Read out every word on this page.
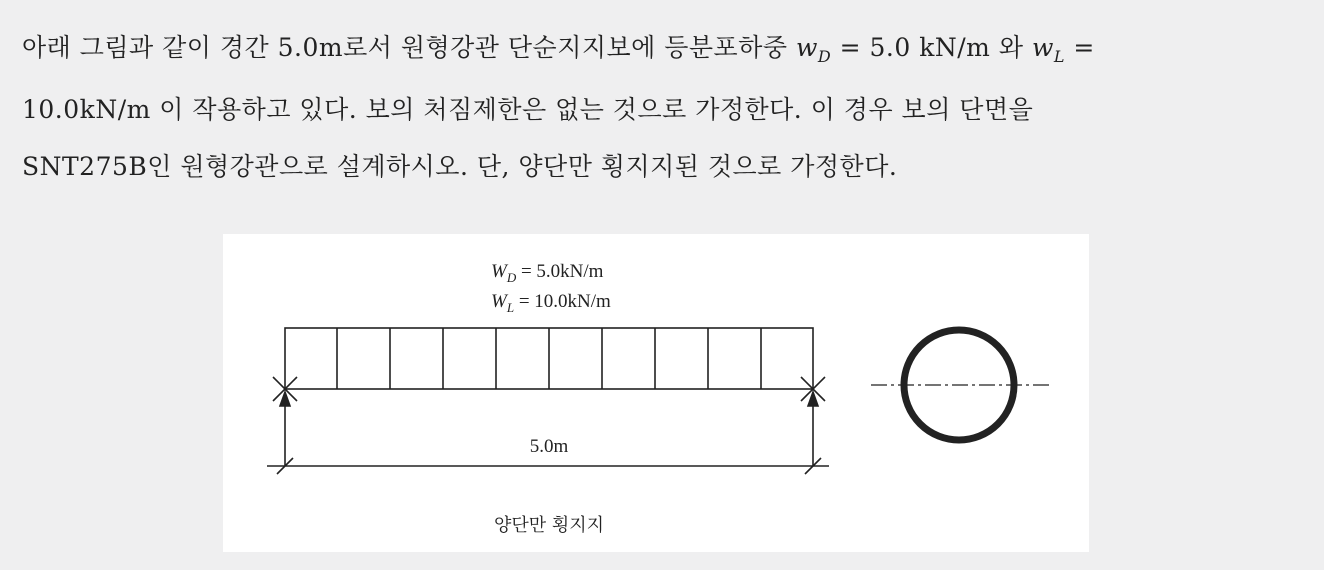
아래 그림과 같이 경간 5.0m로서 원형강관 단순지지보에 등분포하중 $w_D = 5.0$ kN/m 와 $w_L$ =
10.0kN/m 이 작용하고 있다. 보의 처짐제한은 없는 것으로 가정한다. 이 경우 보의 단면을
SNT275B인 원형강관으로 설계하시오. 단, 양단만 횡지지된 것으로 가정한다.
$W_D = 5.0kN/m$
$W_L = 10.0kN/m$
5.0m
양단만 횡지지
